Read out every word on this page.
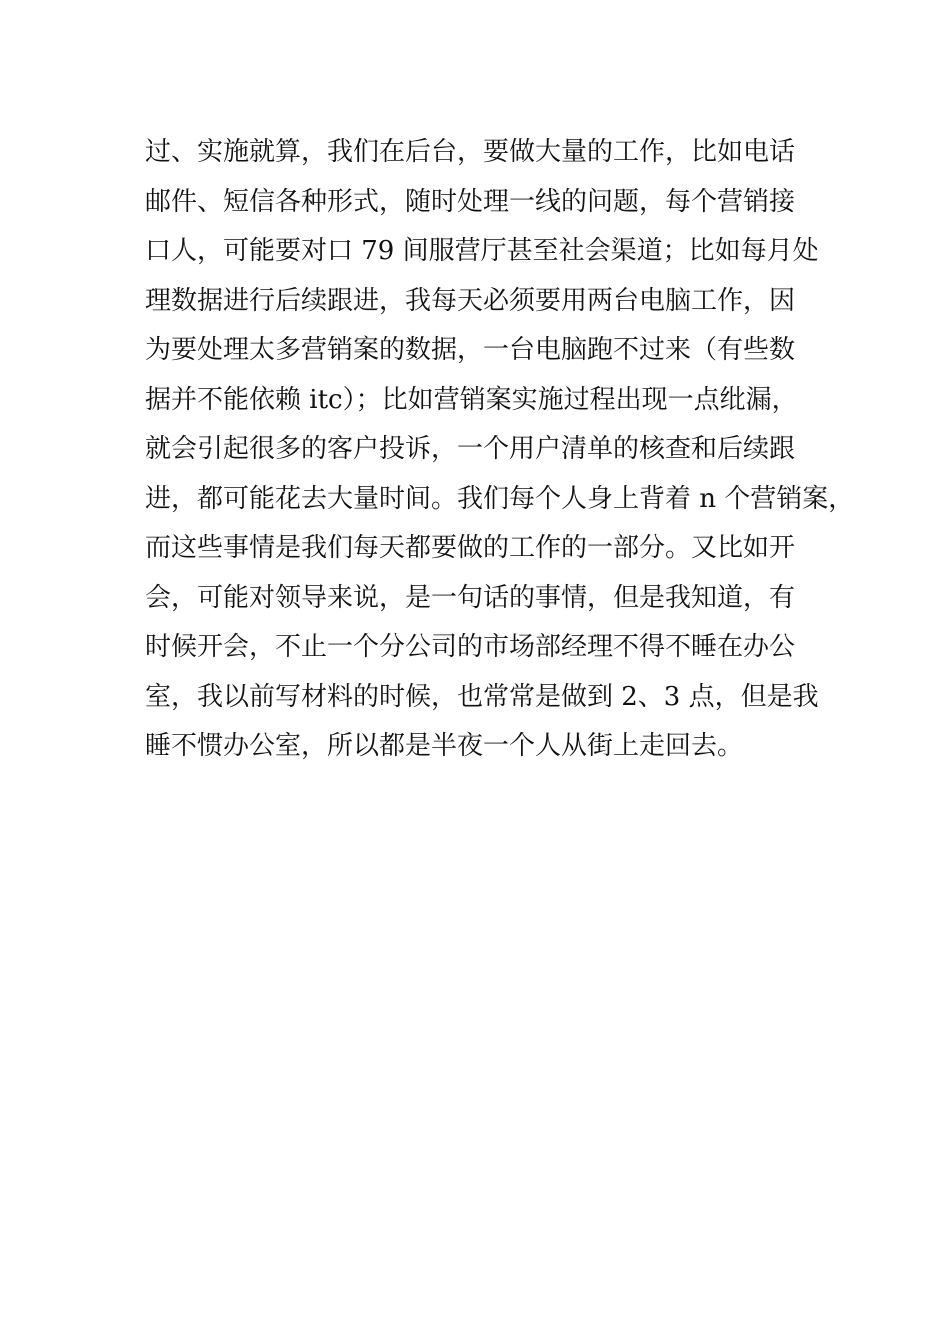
过、实施就算，我们在后台，要做大量的工作，比如电话
邮件、短信各种形式，随时处理一线的问题，每个营销接
口人，可能要对口 79 间服营厅甚至社会渠道；比如每月处
理数据进行后续跟进，我每天必须要用两台电脑工作，因
为要处理太多营销案的数据，一台电脑跑不过来（有些数
据并不能依赖 itc）；比如营销案实施过程出现一点纰漏，
就会引起很多的客户投诉，一个用户清单的核查和后续跟
进，都可能花去大量时间。我们每个人身上背着 n 个营销案，
而这些事情是我们每天都要做的工作的一部分。又比如开
会，可能对领导来说，是一句话的事情，但是我知道，有
时候开会，不止一个分公司的市场部经理不得不睡在办公
室，我以前写材料的时候，也常常是做到 2、3 点，但是我
睡不惯办公室，所以都是半夜一个人从街上走回去。
